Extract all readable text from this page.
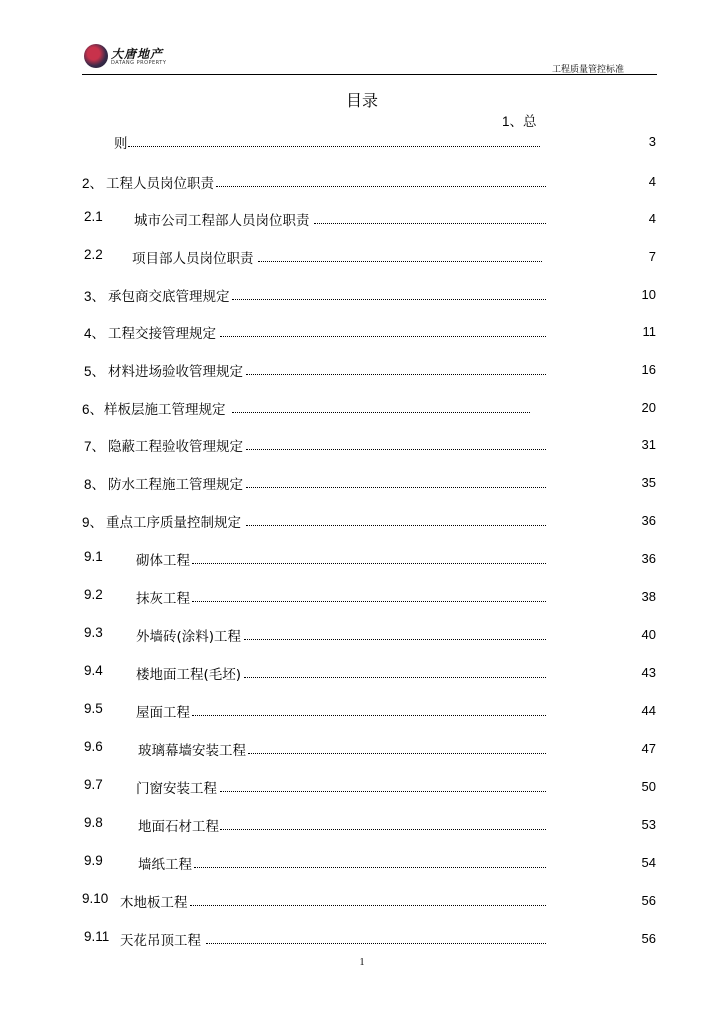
大唐地产
DATANG PROPERTY
工程质量管控标准
目录
1、总
则	3
2、 工程人员岗位职责	4
2.1 城市公司工程部人员岗位职责	4
2.2 项目部人员岗位职责	7
3、 承包商交底管理规定	10
4、 工程交接管理规定	11
5、 材料进场验收管理规定	16
6、 样板层施工管理规定	20
7、 隐蔽工程验收管理规定	31
8、 防水工程施工管理规定	35
9、 重点工序质量控制规定	36
9.1 砌体工程	36
9.2 抹灰工程	38
9.3 外墙砖(涂料)工程	40
9.4 楼地面工程(毛坯)	43
9.5 屋面工程	44
9.6	玻璃幕墙安装工程	47
9.7 门窗安装工程	50
9.8	地面石材工程	53
9.9	墙纸工程	54
9.10 木地板工程	56
9.11 天花吊顶工程	56
1
